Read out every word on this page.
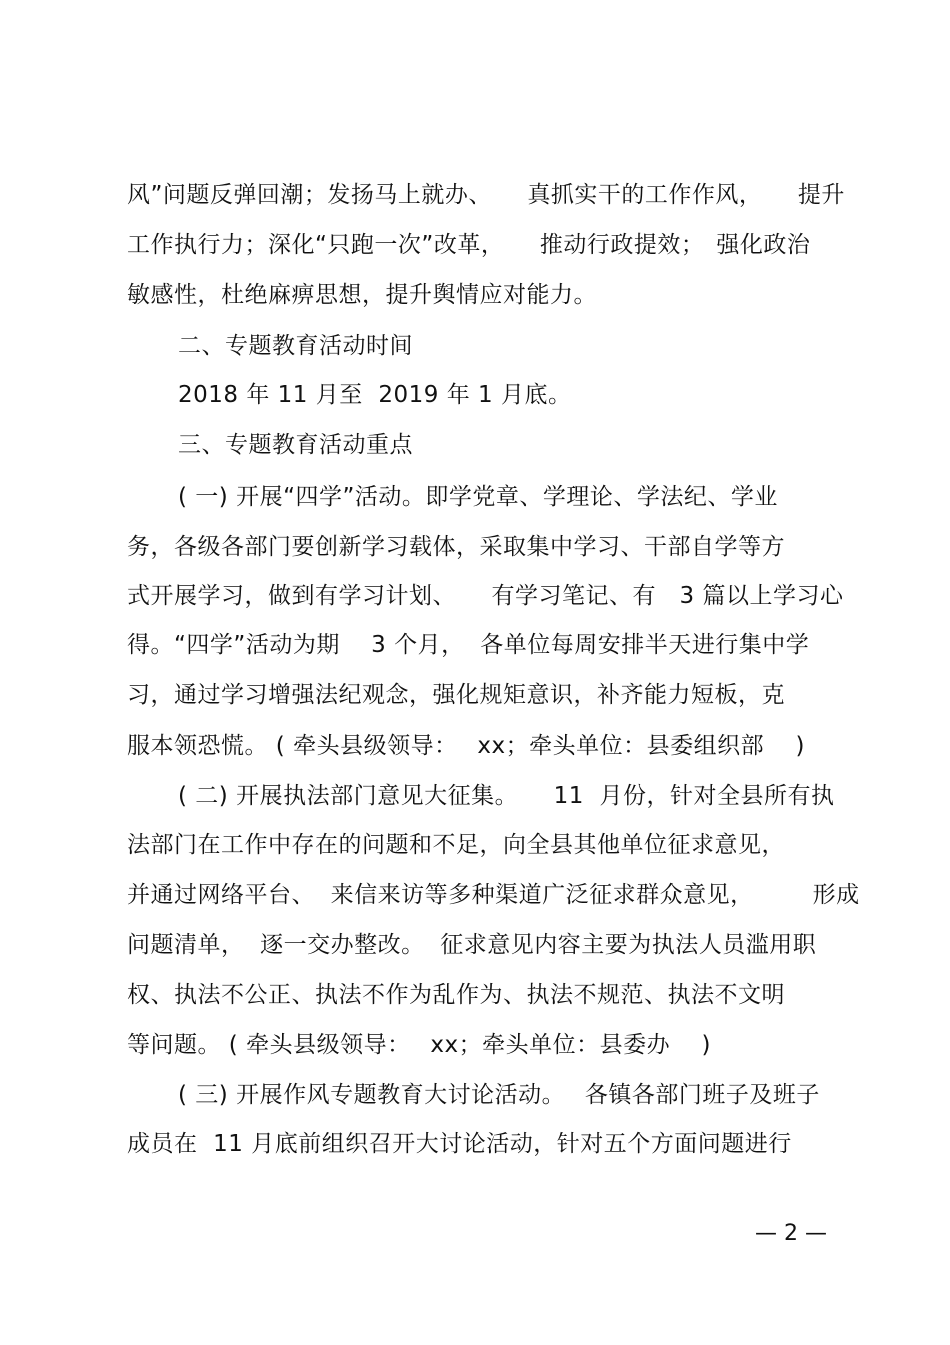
风”问题反弹回潮；发扬马上就办、　　真抓实干的工作作风，　　提升
工作执行力；深化“只跑一次”改革，　　推动行政提效；　强化政治
敏感性，杜绝麻痹思想，提升舆情应对能力。
二、专题教育活动时间
2018 年 11 月至  2019 年 1 月底。
三、专题教育活动重点
( 一) 开展“四学”活动。即学党章、学理论、学法纪、学业
务，各级各部门要创新学习载体，采取集中学习、干部自学等方
式开展学习，做到有学习计划、　　有学习笔记、有　3 篇以上学习心
得。“四学”活动为期　 3 个月，  各单位每周安排半天进行集中学
习，通过学习增强法纪观念，强化规矩意识，补齐能力短板，克
服本领恐慌。 ( 牵头县级领导：　 xx；牵头单位：县委组织部　 )
( 二) 开展执法部门意见大征集。　　11  月份，针对全县所有执
法部门在工作中存在的问题和不足，向全县其他单位征求意见，
并通过网络平台、  来信来访等多种渠道广泛征求群众意见，　　　形成
问题清单，  逐一交办整改。  征求意见内容主要为执法人员滥用职
权、执法不公正、执法不作为乱作为、执法不规范、执法不文明
等问题。 ( 牵头县级领导：　 xx；牵头单位：县委办　 )
( 三) 开展作风专题教育大讨论活动。　 各镇各部门班子及班子
成员在  11 月底前组织召开大讨论活动，针对五个方面问题进行
— 2 —
